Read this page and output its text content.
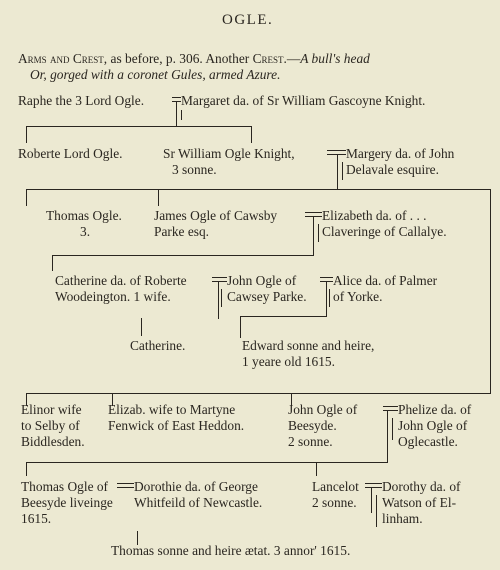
OGLE.
Arms and Crest, as before, p. 306. Another Crest.—A bull's head
Or, gorged with a coronet Gules, armed Azure.
Raphe the 3 Lord Ogle.	Margaret da. of Sr William Gascoyne Knight.
Roberte Lord Ogle.	Sr William Ogle Knight,
3 sonne.
Margery da. of John
Delavale esquire.
Thomas Ogle.
3.
James Ogle of Cawsby
Parke esq.
Elizabeth da. of . . .
Claveringe of Callalye.
Catherine da. of Roberte
Woodeington. 1 wife.
John Ogle of
Cawsey Parke.
Alice da. of Palmer
of Yorke.
Catherine.	Edward sonne and heire,
1 yeare old 1615.
Elinor wife
to Selby of
Biddlesden.
Elizab. wife to Martyne
Fenwick of East Heddon.
John Ogle of
Beesyde.
2 sonne.
Phelize da. of
John Ogle of
Oglecastle.
Thomas Ogle of
Beesyde liveinge
1615.
Dorothie da. of George
Whitfeild of Newcastle.
Lancelot
2 sonne.
Dorothy da. of
Watson of El-
linham.
Thomas sonne and heire ætat. 3 annor' 1615.
